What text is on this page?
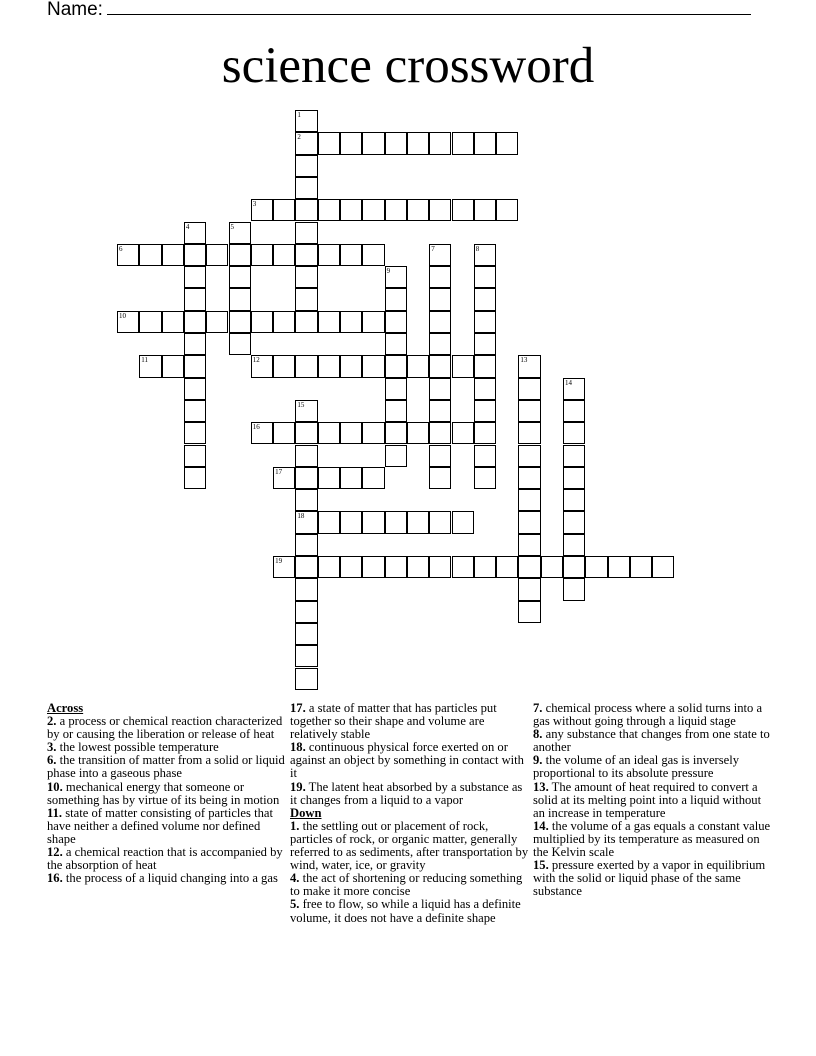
Name:
science crossword
1
2
3
4	5
6	7	8
9
10
11	12	13
14
15
18
16
17
19
Across
2. a process or chemical reaction characterized by or causing the liberation or release of heat
3. the lowest possible temperature
6. the transition of matter from a solid or liquid phase into a gaseous phase
10. mechanical energy that someone or something has by virtue of its being in motion
11. state of matter consisting of particles that have neither a defined volume nor defined shape
12. a chemical reaction that is accompanied by the absorption of heat
16. the process of a liquid changing into a gas
17. a state of matter that has particles put together so their shape and volume are relatively stable
18. continuous physical force exerted on or against an object by something in contact with it
19. The latent heat absorbed by a substance as it changes from a liquid to a vapor
Down
1. the settling out or placement of rock, particles of rock, or organic matter, generally referred to as sediments, after transportation by wind, water, ice, or gravity
4. the act of shortening or reducing something to make it more concise
5. free to flow, so while a liquid has a definite volume, it does not have a definite shape
7. chemical process where a solid turns into a gas without going through a liquid stage
8. any substance that changes from one state to another
9. the volume of an ideal gas is inversely proportional to its absolute pressure
13. The amount of heat required to convert a solid at its melting point into a liquid without an increase in temperature
14. the volume of a gas equals a constant value multiplied by its temperature as measured on the Kelvin scale
15. pressure exerted by a vapor in equilibrium with the solid or liquid phase of the same substance
